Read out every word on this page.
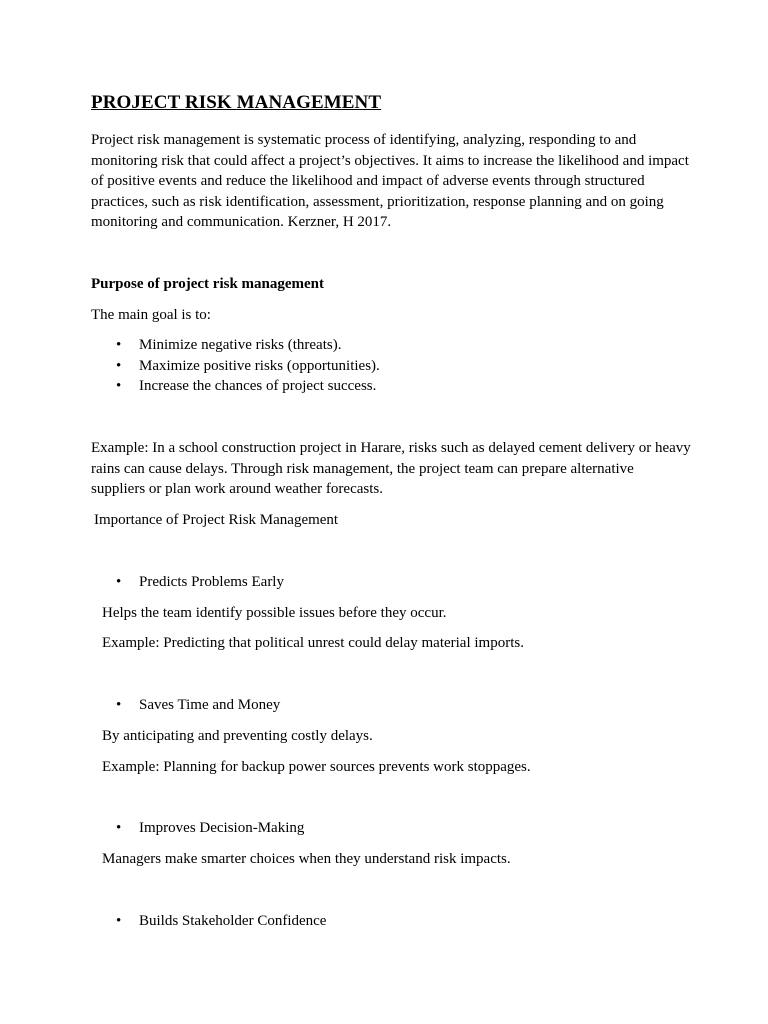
PROJECT RISK MANAGEMENT

Project risk management is systematic process of identifying, analyzing, responding to and monitoring risk that could affect a project’s objectives. It aims to increase the likelihood and impact of positive events and reduce the likelihood and impact of adverse events through structured practices, such as risk identification, assessment, prioritization, response planning and on going monitoring and communication. Kerzner, H 2017.

Purpose of project risk management

The main goal is to:

• Minimize negative risks (threats).
• Maximize positive risks (opportunities).
• Increase the chances of project success.

Example: In a school construction project in Harare, risks such as delayed cement delivery or heavy rains can cause delays. Through risk management, the project team can prepare alternative suppliers or plan work around weather forecasts.

Importance of Project Risk Management

• Predicts Problems Early

Helps the team identify possible issues before they occur.

Example: Predicting that political unrest could delay material imports.

• Saves Time and Money

By anticipating and preventing costly delays.

Example: Planning for backup power sources prevents work stoppages.

• Improves Decision-Making

Managers make smarter choices when they understand risk impacts.

• Builds Stakeholder Confidence
